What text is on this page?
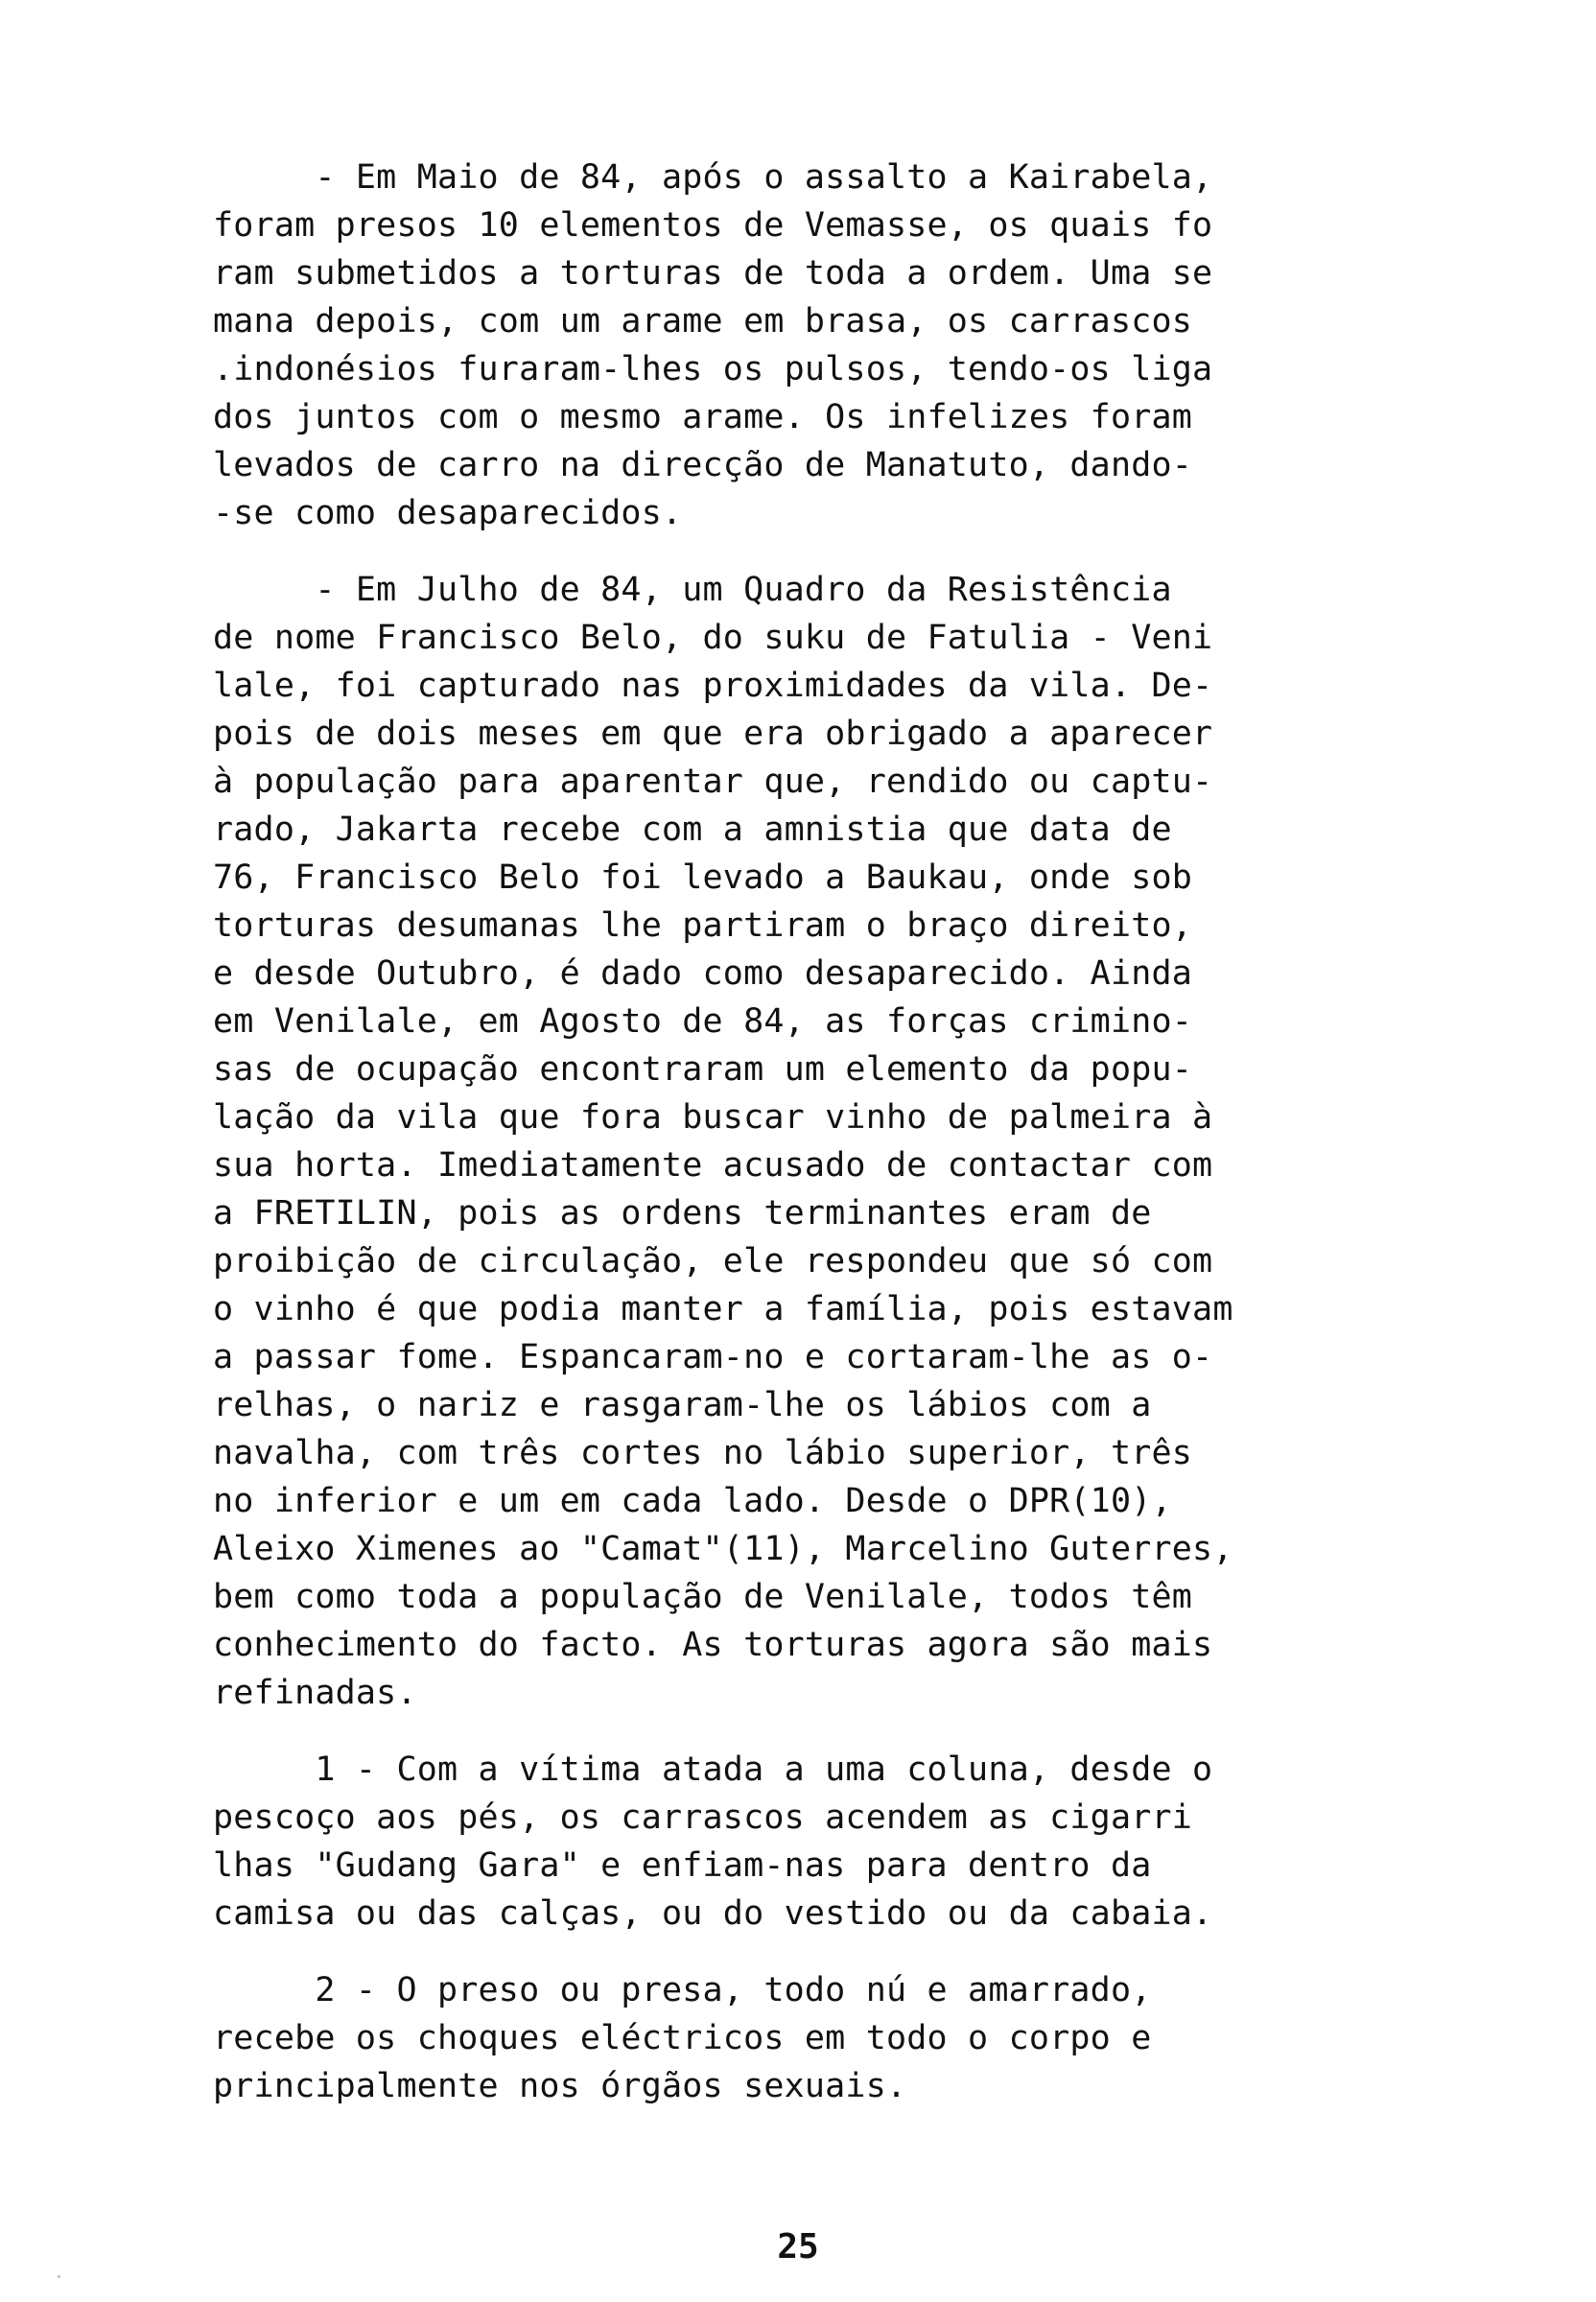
- Em Maio de 84, após o assalto a Kairabela,
foram presos 10 elementos de Vemasse, os quais fo
ram submetidos a torturas de toda a ordem. Uma se
mana depois, com um arame em brasa, os carrascos
.indonésios furaram-lhes os pulsos, tendo-os liga
dos juntos com o mesmo arame. Os infelizes foram
levados de carro na direcção de Manatuto, dando-
-se como desaparecidos.
- Em Julho de 84, um Quadro da Resistência
de nome Francisco Belo, do suku de Fatulia - Veni
lale, foi capturado nas proximidades da vila. De-
pois de dois meses em que era obrigado a aparecer
à população para aparentar que, rendido ou captu-
rado, Jakarta recebe com a amnistia que data de
76, Francisco Belo foi levado a Baukau, onde sob
torturas desumanas lhe partiram o braço direito,
e desde Outubro, é dado como desaparecido. Ainda
em Venilale, em Agosto de 84, as forças crimino-
sas de ocupação encontraram um elemento da popu-
lação da vila que fora buscar vinho de palmeira à
sua horta. Imediatamente acusado de contactar com
a FRETILIN, pois as ordens terminantes eram de
proibição de circulação, ele respondeu que só com
o vinho é que podia manter a família, pois estavam
a passar fome. Espancaram-no e cortaram-lhe as o-
relhas, o nariz e rasgaram-lhe os lábios com a
navalha, com três cortes no lábio superior, três
no inferior e um em cada lado. Desde o DPR(10),
Aleixo Ximenes ao "Camat"(11), Marcelino Guterres,
bem como toda a população de Venilale, todos têm
conhecimento do facto. As torturas agora são mais
refinadas.
1 - Com a vítima atada a uma coluna, desde o
pescoço aos pés, os carrascos acendem as cigarri
lhas "Gudang Gara" e enfiam-nas para dentro da
camisa ou das calças, ou do vestido ou da cabaia.
2 - O preso ou presa, todo nú e amarrado,
recebe os choques eléctricos em todo o corpo e
principalmente nos órgãos sexuais.
25
